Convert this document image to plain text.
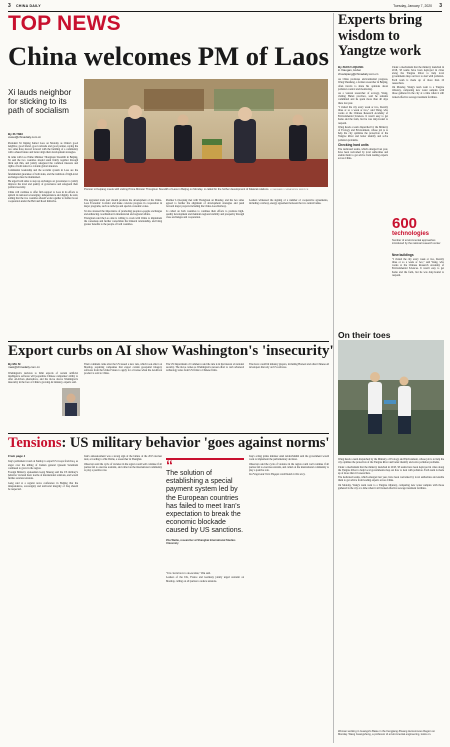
3 CHINA DAILY	Tuesday, January 7, 2020 3
TOP NEWS
China welcomes PM of Laos
Xi lauds neighbor for sticking to its path of socialism
By XU WEI
xuwei@chinadaily.com.cn

President Xi Jinping hailed Laos on Monday as China's good neighbor, good friend, good comrade and good partner, saying the two sides have moved forward with the building of a community with a shared future and better align their development strategies.

In talks with Lao Prime Minister Thongloun Sisoulith in Beijing, Xi said the two countries should stand firmly together through thick and thin, and jointly safeguard the common interests and rights of both sides in a volatile global situation.

Communist leadership and the socialist system in Laos are the fundamental guarantee of both sides, and the tradition of high-level exchanges must be maintained.

He urged both sides to step up exchanges on governance to jointly improve the level and quality of governance and safeguard their political security.

China will continue to offer firm support to Laos in its efforts to uphold its national sovereignty, independence and dignity, he said, adding that the two countries should work together to further boost cooperation under the Belt and Road Initiative.

Premier Li Keqiang meets with visiting Prime Minister Thongloun Sisoulith of Laos in Beijing on Monday. Li called for the further development of bilateral relations. LI XIAOMAN / CHINA NEWS SERVICE

The upgraded trade pact should promote the development of the China-Laos Economic Corridor and make concrete progress in cooperation in major programs, such as railways and special economic zones.

Xi also stressed the importance of promoting people-to-people exchanges and enhancing coordination in international and regional affairs.

Thongloun said the Lao side is willing to work with China to implement the consensus and further consolidate the bilateral relationship, and bring greater benefits to the people of both countries.

Premier Li Keqiang met with Thongloun on Monday, and the two sides agreed to further the alignment of development strategies and push forward major projects including the China-Laos Railway.

Li called on both countries to continue their efforts to promote high-quality development and maintain regional stability and prosperity through close exchanges and cooperation.

Leaders witnessed the signing of a number of cooperative agreements, including a railway, energy agreement between the two central banks.

Experts bring wisdom to Yangtze work
By ZHOU LIQIANG
in Xiaogan, Hubei
zhouliqiang@chinadaily.com.cn

As China promotes environmental progress, Wang Shusheng, a former researcher in Beijing, often travels to share his opinions about pollution control and monitoring.

As a veteran researcher of ecology, Wang, visiting Hubei province, said he remains committed and he spent more than 40 days there last year.

"I visited the city every week or two, literally three or so a week or two," said Wang, who works at the Chinese Research Academy of Environmental Sciences. It wasn't easy to get home and the farm, but he was duty-bound to respond.

Wang heads a team dispatched by the Ministry of Ecology and Environment, whose job is to help the city optimize the protection of the Yangtze River and better identify and solve pollution problems.

Checking hard units

The dedicated teams, which emerged last year, have been welcomed by local authorities and enable them to get advice from leading experts across China.

Under a mechanism that the ministry launched in 2018, 58 teams have been deployed in cities along the Yangtze River to help local governments map out how to deal with pollution. Each team is made up of more than 10 researchers.

On Monday, Wang's team went to a Yangtze tributary, comparing new water samples with those gathered in the city at a time when it still lacked effective sewage treatment facilities.

600
technologies
Number of environmental approaches introduced by the national research center
New buildings

"I visited the city every week or two, literally three or so a week or two," said Wang, who works at the Chinese Research Academy of Environmental Sciences. It wasn't easy to get home and the farm, but he was duty-bound to respond.

On their toes
Woman working in Guangxi's Baise in the Fengjiang Zhuang Autonomous Region on Monday. Wang Guangsheng, a professor of environmental engineering, looks on.

Wang heads a team dispatched by the Ministry of Ecology and Environment, whose job is to help the city optimize the protection of the Yangtze River and better identify and solve pollution problems.

Under a mechanism that the ministry launched in 2018, 58 teams have been deployed in cities along the Yangtze River to help local governments map out how to deal with pollution. Each team is made up of more than 10 researchers.

The dedicated teams, which emerged last year, have been welcomed by local authorities and enable them to get advice from leading experts across China.

On Monday, Wang's team went to a Yangtze tributary, comparing new water samples with those gathered in the city at a time when it still lacked effective sewage treatment facilities.

Export curbs on AI show Washington's 'insecurity'
By MA SI
masi@chinadaily.com.cn

Washington's decision to limit exports of certain artificial intelligence software will jeopardize Chinese companies' ability to offer AI-driven alternatives, and the move shows Washington's insecurity in the face of China's growing AI industry, experts said.

Their comment came after the US issued a new rule, which took effect on Monday, requiring companies that export certain geospatial imagery software from the United States to apply for a license when the AI-driven product is sold to China.

The US Department of Commerce said the rule is in the interest of national security. The move comes as Washington's newest effort to curb advanced technology sales from US firms to Chinese firms.

The move could hit industry players, including Huawei and other Chinese AI developers that rely on US software.

Tensions: US military behavior 'goes against norms'
From page 1

Iraq's parliament voted on Sunday to expel US troops from Iraq, as anger over the killing of Iranian general Qassem Soleimani continued to grow in the region.

Foreign Ministry spokesman Geng Shuang said the US military's behavior violated basic norms of international relations, and would further escalate tensions.

Geng said at a regular news conference in Beijing that the independence, sovereignty and territorial integrity of Iraq should be respected.

Iran's announcement was a strong sign of the failure of the 2015 nuclear deal, according to Zhu Weilie, a researcher in Shanghai.

Observers said the cycle of violence in the region could well continue if all parties fail to exercise restraint, and called on the international community to play a positive role.	“
The solution of establishing a special payment system led by the European countries has failed to meet Iran's expectation to break the economic blockade caused by US sanctions.
Zhu Weilie, researcher at Shanghai International Studies University

"It is crucial now to de-escalate," Zhu said.

Leaders of the UK, France and Germany jointly urged restraint on Monday, calling on all parties to reduce tensions.

Iraq's acting prime minister Adel Abdul-Mahdi said the government would work to implement the parliamentary decision.

Observers said the cycle of violence in the region could well continue if all parties fail to exercise restraint, and called on the international community to play a positive role.

Xu Fengzi and Chen Yingqun contributed to this story.
